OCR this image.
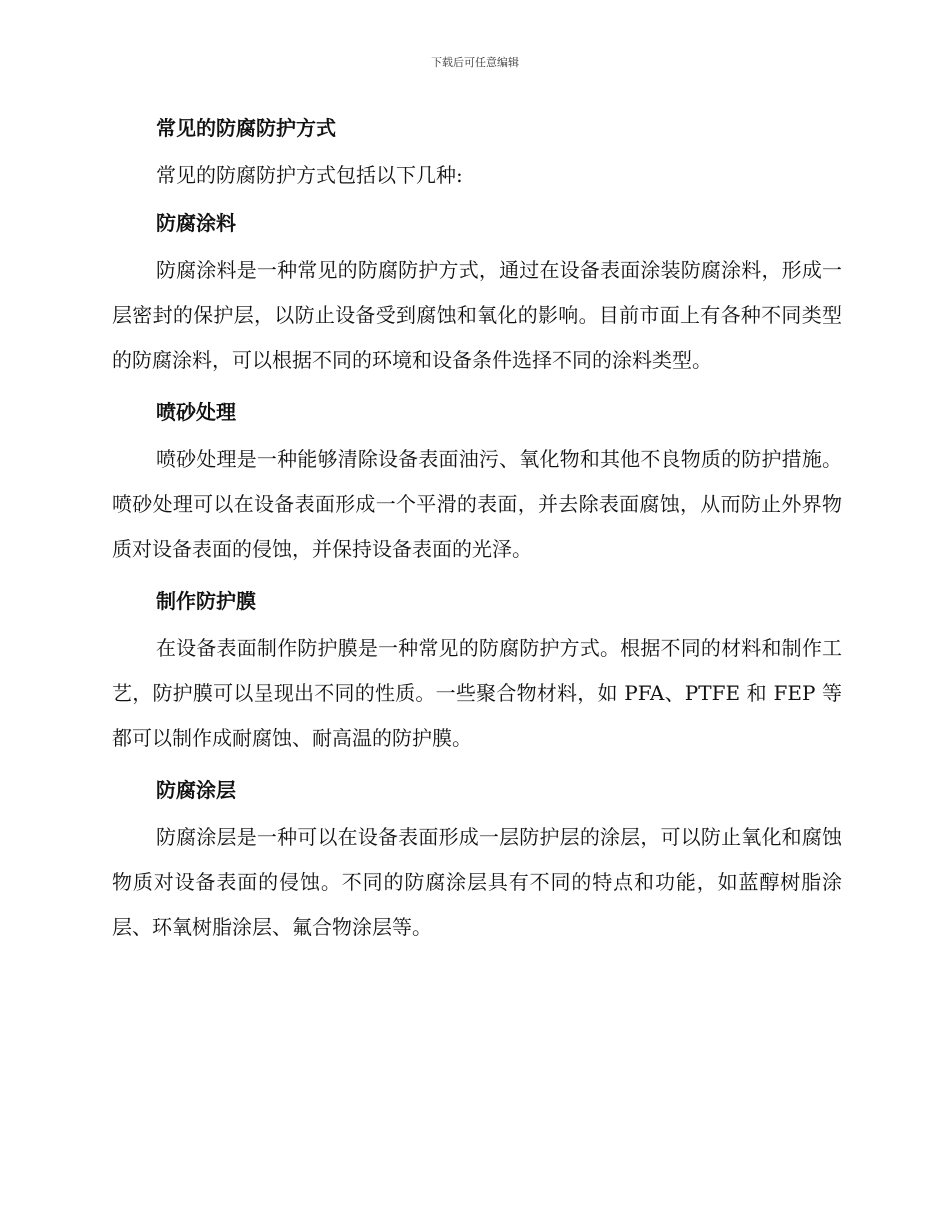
下载后可任意编辑
常见的防腐防护方式

常见的防腐防护方式包括以下几种:

防腐涂料

防腐涂料是一种常见的防腐防护方式，通过在设备表面涂装防腐涂料，形成一层密封的保护层，以防止设备受到腐蚀和氧化的影响。目前市面上有各种不同类型的防腐涂料，可以根据不同的环境和设备条件选择不同的涂料类型。

喷砂处理

喷砂处理是一种能够清除设备表面油污、氧化物和其他不良物质的防护措施。喷砂处理可以在设备表面形成一个平滑的表面，并去除表面腐蚀，从而防止外界物质对设备表面的侵蚀，并保持设备表面的光泽。

制作防护膜

在设备表面制作防护膜是一种常见的防腐防护方式。根据不同的材料和制作工艺，防护膜可以呈现出不同的性质。一些聚合物材料，如 PFA、PTFE 和 FEP 等都可以制作成耐腐蚀、耐高温的防护膜。

防腐涂层

防腐涂层是一种可以在设备表面形成一层防护层的涂层，可以防止氧化和腐蚀物质对设备表面的侵蚀。不同的防腐涂层具有不同的特点和功能，如蓝醇树脂涂层、环氧树脂涂层、氟合物涂层等。
